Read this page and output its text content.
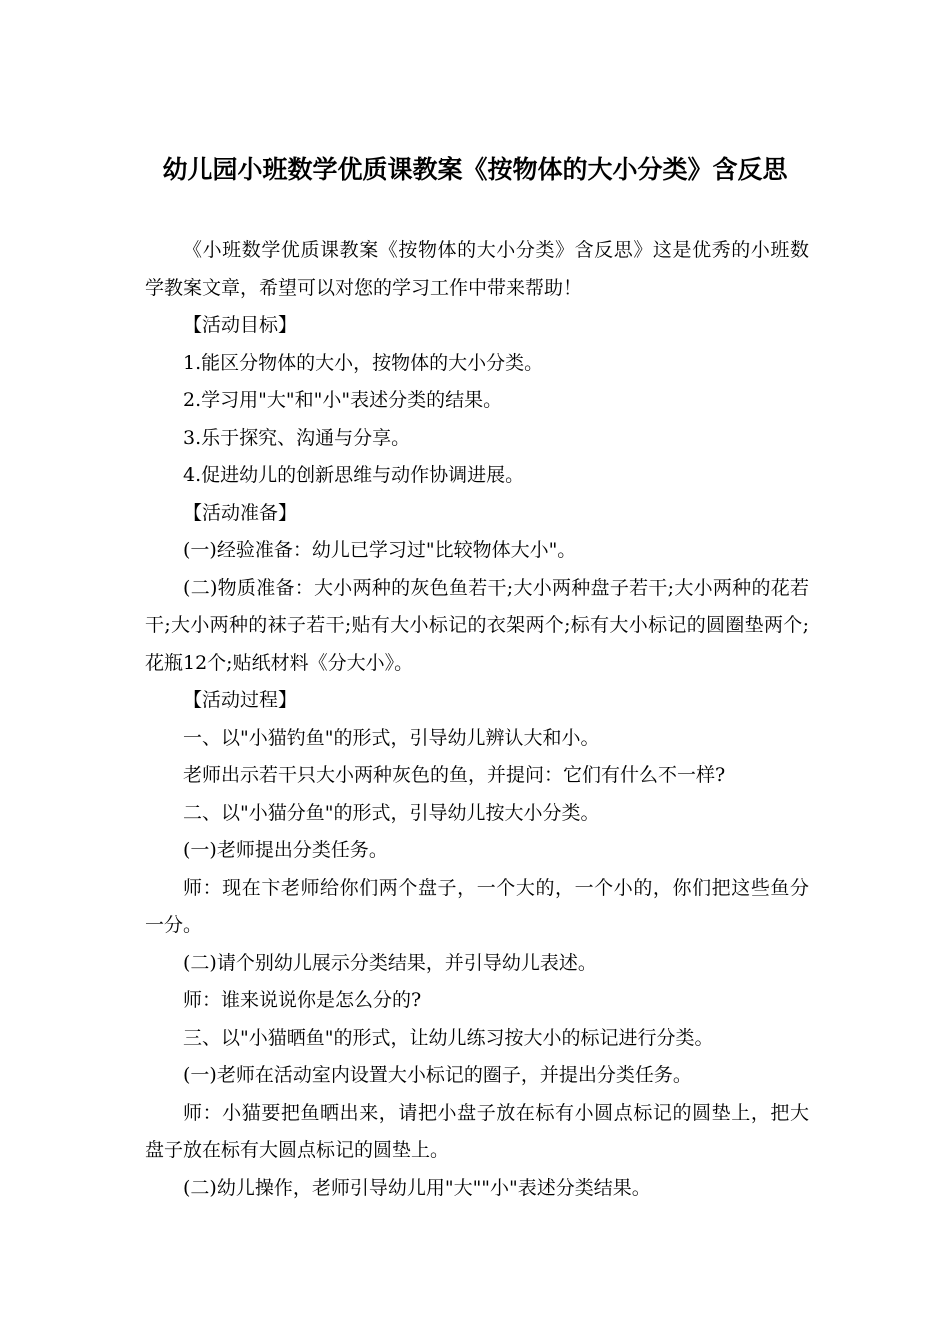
幼儿园小班数学优质课教案《按物体的大小分类》含反思

《小班数学优质课教案《按物体的大小分类》含反思》这是优秀的小班数学教案文章，希望可以对您的学习工作中带来帮助！

【活动目标】

1.能区分物体的大小，按物体的大小分类。

2.学习用"大"和"小"表述分类的结果。

3.乐于探究、沟通与分享。

4.促进幼儿的创新思维与动作协调进展。

【活动准备】

(一)经验准备：幼儿已学习过"比较物体大小"。

(二)物质准备：大小两种的灰色鱼若干;大小两种盘子若干;大小两种的花若干;大小两种的袜子若干;贴有大小标记的衣架两个;标有大小标记的圆圈垫两个;花瓶12个;贴纸材料《分大小》。

【活动过程】

一、以"小猫钓鱼"的形式，引导幼儿辨认大和小。

老师出示若干只大小两种灰色的鱼，并提问：它们有什么不一样?

二、以"小猫分鱼"的形式，引导幼儿按大小分类。

(一)老师提出分类任务。

师：现在卞老师给你们两个盘子，一个大的，一个小的，你们把这些鱼分一分。

(二)请个别幼儿展示分类结果，并引导幼儿表述。

师：谁来说说你是怎么分的?

三、以"小猫晒鱼"的形式，让幼儿练习按大小的标记进行分类。

(一)老师在活动室内设置大小标记的圈子，并提出分类任务。

师：小猫要把鱼晒出来，请把小盘子放在标有小圆点标记的圆垫上，把大盘子放在标有大圆点标记的圆垫上。

(二)幼儿操作，老师引导幼儿用"大""小"表述分类结果。
